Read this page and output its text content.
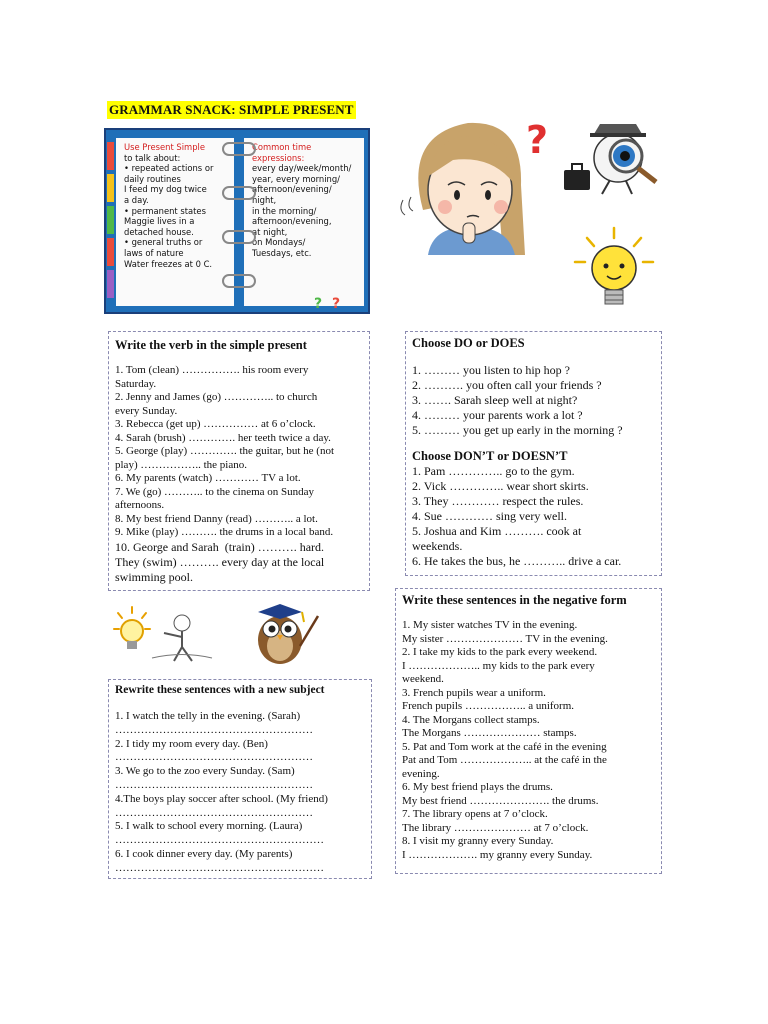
GRAMMAR SNACK: SIMPLE PRESENT
Use Present Simple
to talk about:
• repeated actions or
daily routines
I feed my dog twice
a day.
• permanent states
Maggie lives in a
detached house.
• general truths or
laws of nature
Water freezes at 0 C.
Common time
expressions:
every day/week/month/
year, every morning/
afternoon/evening/
night,
in the morning/
afternoon/evening,
at night,
on Mondays/
Tuesdays, etc.
? ?
?
Write the verb in the simple present
1. Tom (clean) ……………. his room every
Saturday.
2. Jenny and James (go) ………….. to church
every Sunday.
3. Rebecca (get up) …………… at 6 o’clock.
4. Sarah (brush) …………. her teeth twice a day.
5. George (play) …………. the guitar, but he (not
play) …………….. the piano.
6. My parents (watch) ………… TV a lot.
7. We (go) ……….. to the cinema on Sunday
afternoons.
8. My best friend Danny (read) ……….. a lot.
9. Mike (play) ………. the drums in a local band.
10. George and Sarah  (train) ………. hard.
They (swim) ………. every day at the local
swimming pool.
Choose DO or DOES
1. ……… you listen to hip hop ?
2. ………. you often call your friends ?
3. ……. Sarah sleep well at night?
4. ……… your parents work a lot ?
5. ……… you get up early in the morning ?
Choose DON’T or DOESN’T
1. Pam ………….. go to the gym.
2. Vick ………….. wear short skirts.
3. They ………… respect the rules.
4. Sue ………… sing very well.
5. Joshua and Kim ………. cook at
weekends.
6. He takes the bus, he ……….. drive a car.
Write these sentences in the negative form
1. My sister watches TV in the evening.
My sister ………………… TV in the evening.
2. I take my kids to the park every weekend.
I ……………….. my kids to the park every
weekend.
3. French pupils wear a uniform.
French pupils …………….. a uniform.
4. The Morgans collect stamps.
The Morgans ………………… stamps.
5. Pat and Tom work at the café in the evening
Pat and Tom ……………….. at the café in the
evening.
6. My best friend plays the drums.
My best friend …………………. the drums.
7. The library opens at 7 o’clock.
The library ………………… at 7 o’clock.
8. I visit my granny every Sunday.
I ………………. my granny every Sunday.
Rewrite these sentences with a new subject
1. I watch the telly in the evening. (Sarah)
………………………………………………
2. I tidy my room every day. (Ben)
………………………………………………
3. We go to the zoo every Sunday. (Sam)
………………………………………………
4.The boys play soccer after school. (My friend)
………………………………………………
5. I walk to school every morning. (Laura)
…………………………………………………
6. I cook dinner every day. (My parents)
…………………………………………………
